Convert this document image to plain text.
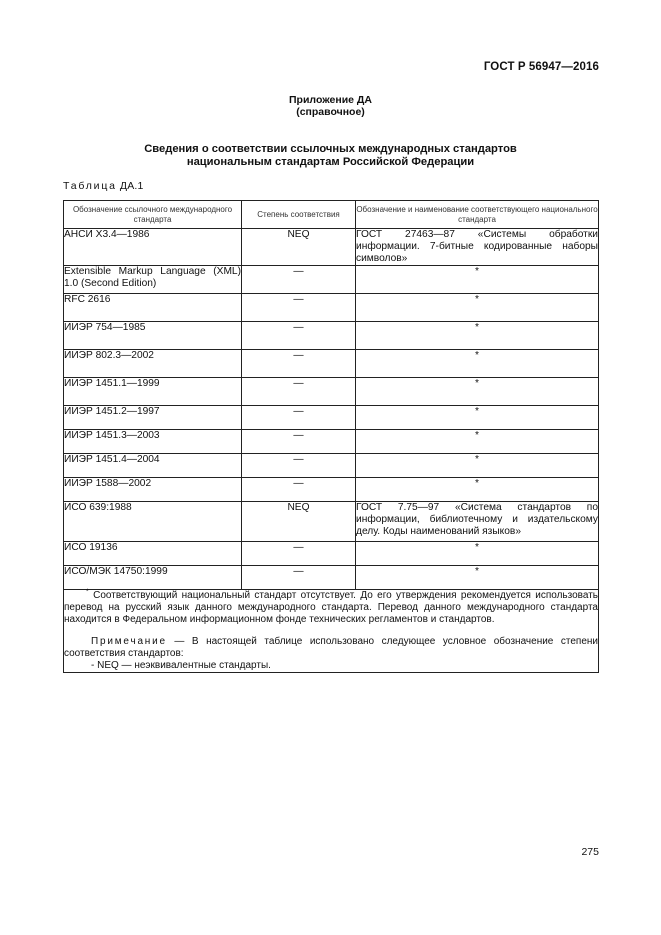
ГОСТ Р 56947—2016
Приложение ДА
(справочное)
Сведения о соответствии ссылочных международных стандартов
национальным стандартам Российской Федерации
Таблица ДА.1
Обозначение ссылочного международного стандарта	Степень соответствия	Обозначение и наименование соответствующего национального стандарта
АНСИ X3.4—1986	NEQ	ГОСТ 27463—87 «Системы обработки информации. 7-битные кодированные наборы символов»
Extensible Markup Language (XML) 1.0 (Second Edition)	—	*
RFC 2616	—	*
ИИЭР 754—1985	—	*
ИИЭР 802.3—2002	—	*
ИИЭР 1451.1—1999	—	*
ИИЭР 1451.2—1997	—	*
ИИЭР 1451.3—2003	—	*
ИИЭР 1451.4—2004	—	*
ИИЭР 1588—2002	—	*
ИСО 639:1988	NEQ	ГОСТ 7.75—97 «Система стандартов по информации, библиотечному и издательскому делу. Коды наименований языков»
ИСО 19136	—	*
ИСО/МЭК 14750:1999	—	*

* Соответствующий национальный стандарт отсутствует. До его утверждения рекомендуется использовать перевод на русский язык данного международного стандарта. Перевод данного международного стандарта находится в Федеральном информационном фонде технических регламентов и стандартов.

Примечание — В настоящей таблице использовано следующее условное обозначение степени соответствия стандартов:

- NEQ — неэквивалентные стандарты.		

275
